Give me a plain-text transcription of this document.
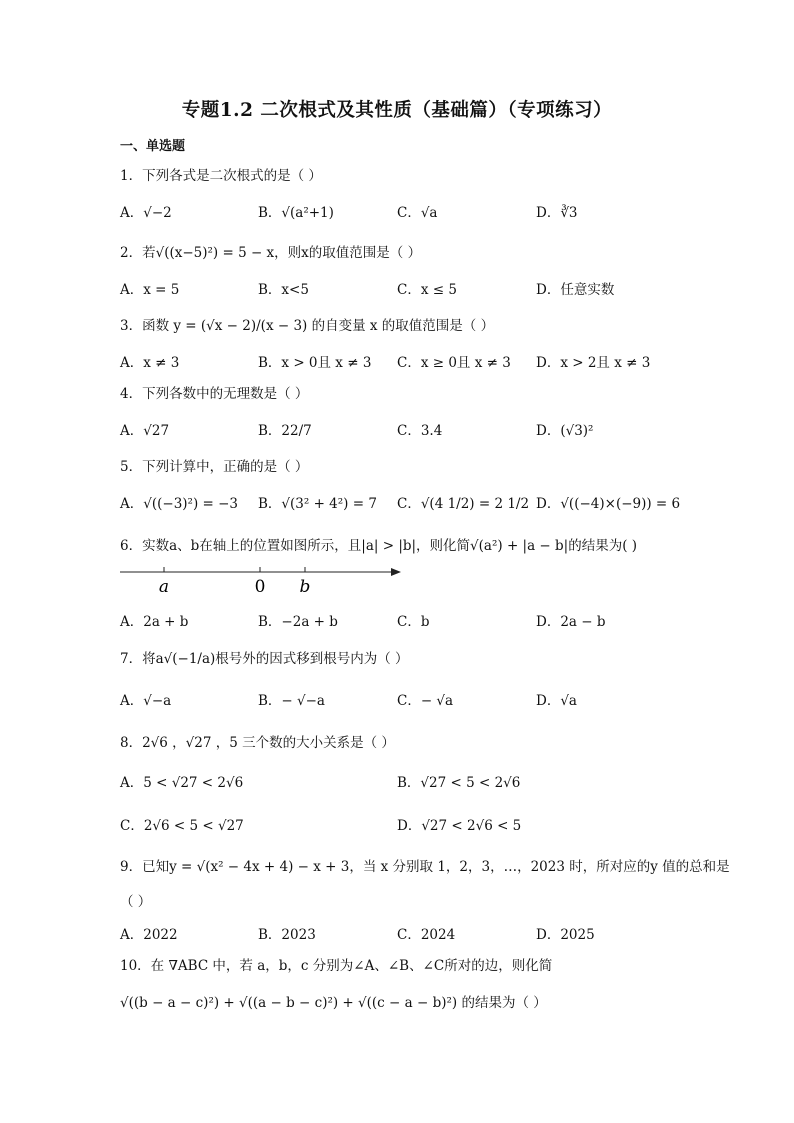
专题1.2 二次根式及其性质（基础篇）（专项练习）
一、单选题
1．下列各式是二次根式的是（ ）
A．√−2	B．√(a²+1)	C．√a	D．∛3
2．若√((x−5)²) = 5 − x，则x的取值范围是（ ）
A．x = 5	B．x<5	C．x ≤ 5	D．任意实数
3．函数 y = (√x − 2)/(x − 3) 的自变量 x 的取值范围是（ ）
A．x ≠ 3	B．x > 0且 x ≠ 3 C．x ≥ 0且 x ≠ 3 D．x > 2且 x ≠ 3
4．下列各数中的无理数是（ ）
A．√27	B．22/7	C．3.4̇	D．(√3)²
5．下列计算中，正确的是（ ）
A．√((−3)²) = −3 B．√(3² + 4²) = 7 C．√(4 1/2) = 2 1/2 D．√((−4)×(−9)) = 6
6．实数a、b在轴上的位置如图所示，且|a| > |b|，则化简√(a²) + |a − b|的结果为( )
a	0 b
A．2a + b	B．−2a + b	C．b	D．2a − b
7．将a√(−1/a)根号外的因式移到根号内为（ ）
A．√−a	B．− √−a	C．− √a	D．√a
8．2√6 ，√27 ，5 三个数的大小关系是（ ）
A．5 < √27 < 2√6	B．√27 < 5 < 2√6
C．2√6 < 5 < √27	D．√27 < 2√6 < 5
9．已知y = √(x² − 4x + 4) − x + 3，当 x 分别取 1，2，3，…，2023 时，所对应的y 值的总和是
（ ）
A．2022	B．2023	C．2024	D．2025
10．在 ∇ABC 中，若 a，b，c 分别为∠A、∠B、∠C所对的边，则化简
√((b − a − c)²) + √((a − b − c)²) + √((c − a − b)²) 的结果为（ ）
